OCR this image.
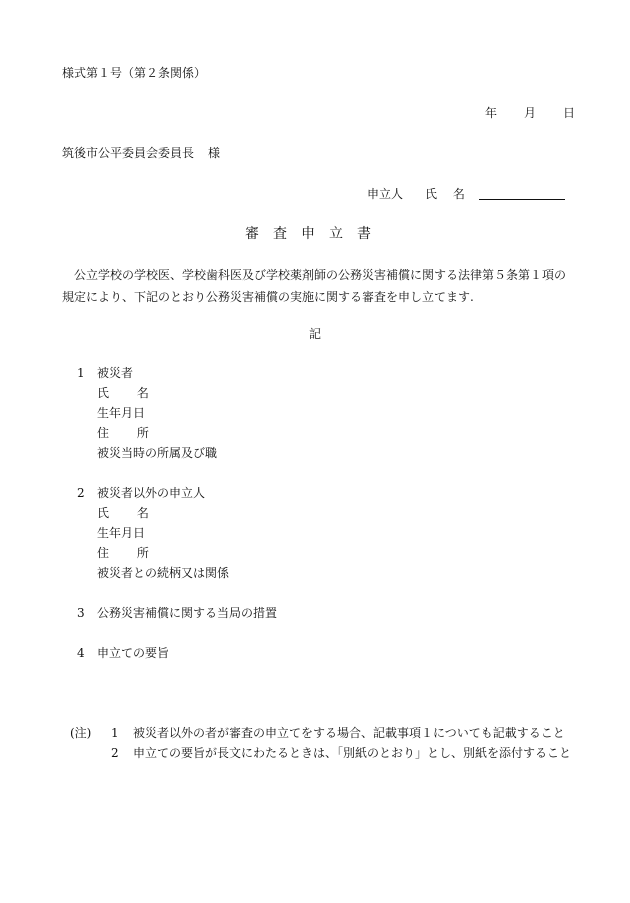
様式第１号（第２条関係）
年 月 日
筑後市公平委員会委員長 様
申立人 氏 名
審査申立書
公立学校の学校医、学校歯科医及び学校薬剤師の公務災害補償に関する法律第５条第１項の規定により、下記のとおり公務災害補償の実施に関する審査を申し立てます.
記
1 被災者
氏 名
生年月日
住 所
被災当時の所属及び職
2 被災者以外の申立人
氏 名
生年月日
住 所
被災者との続柄又は関係
3 公務災害補償に関する当局の措置
4 申立ての要旨
(注) 1 被災者以外の者が審査の申立てをする場合、記載事項１についても記載すること
2 申立ての要旨が長文にわたるときは、「別紙のとおり」とし、別紙を添付すること
